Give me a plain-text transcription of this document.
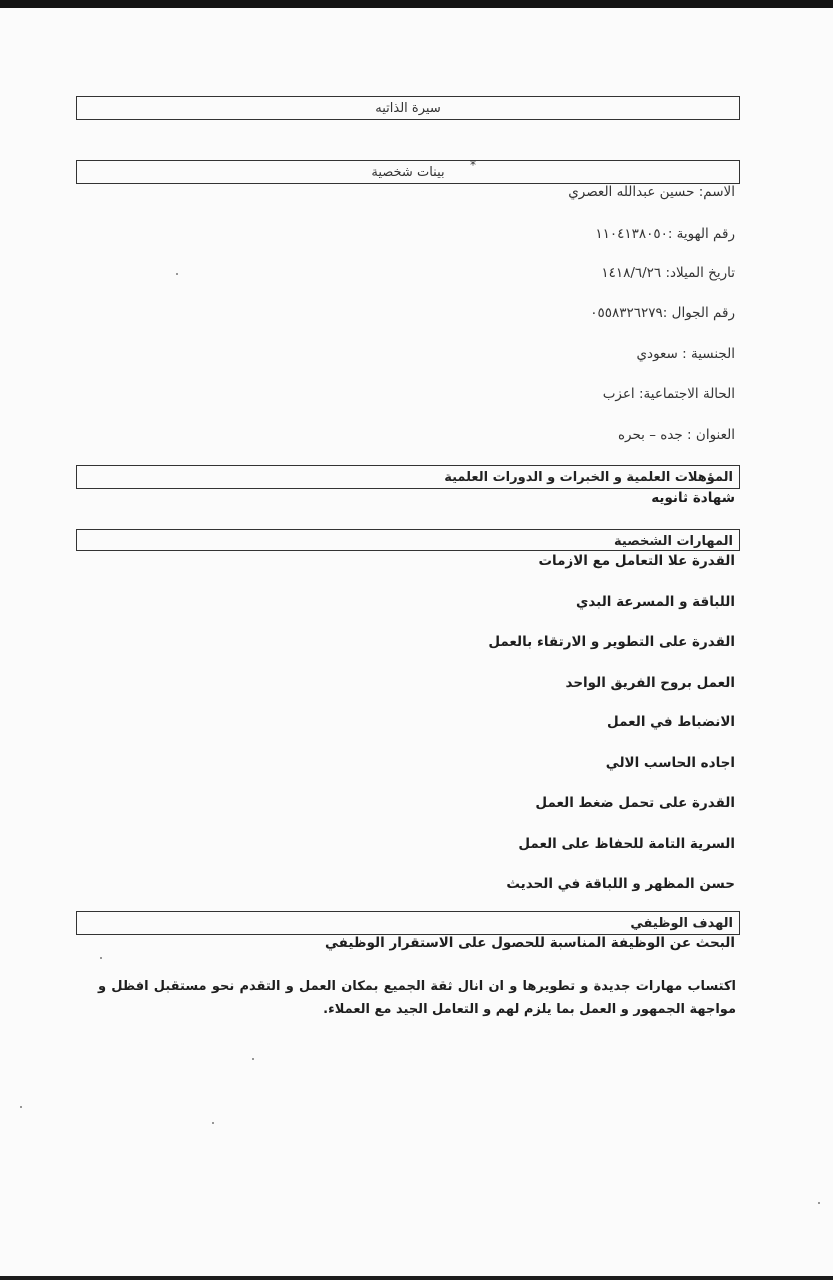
سيرة الذاتيه
بينات شخصية	*
الاسم: حسين عبدالله العصري
رقم الهوية :١١٠٤١٣٨٠٥٠
تاريخ الميلاد: ١٤١٨/٦/٢٦
رقم الجوال :٠٥٥٨٣٢٦٢٧٩
الجنسية : سعودي
الحالة الاجتماعية: اعزب
العنوان : جده – بحره
المؤهلات العلمية و الخبرات و الدورات العلمية
شهادة ثانويه
المهارات الشخصية
القدرة علا التعامل مع الازمات
اللباقة و المسرعة البدي
القدرة على التطوير و الارتقاء بالعمل
العمل بروح الفريق الواحد
الانضباط في العمل
اجاده الحاسب الالي
القدرة على تحمل ضغط العمل
السرية التامة للحفاظ على العمل
حسن المظهر و اللباقة في الحديث
الهدف الوظيفي
البحث عن الوظيفة المناسبة للحصول على الاستقرار الوظيفي
اكتساب مهارات جديدة و تطويرها و ان انال ثقة الجميع بمكان العمل و التقدم نحو مستقبل افظل و مواجهة الجمهور و العمل بما يلزم لهم و التعامل الجيد مع العملاء.
